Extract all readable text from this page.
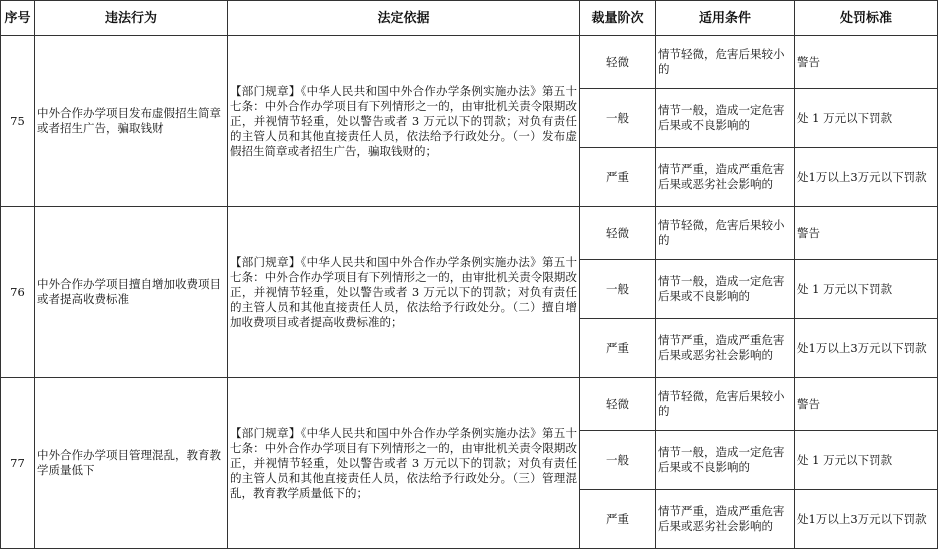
序号	违法行为	法定依据	裁量阶次	适用条件	处罚标准
75	中外合作办学项目发布虚假招生简章或者招生广告，骗取钱财	【部门规章】《中华人民共和国中外合作办学条例实施办法》第五十七条：中外合作办学项目有下列情形之一的，由审批机关责令限期改正，并视情节轻重，处以警告或者 3 万元以下的罚款；对负有责任的主管人员和其他直接责任人员，依法给予行政处分。（一）发布虚假招生简章或者招生广告，骗取钱财的；	轻微	情节轻微，危害后果较小的	警告
			一般	情节一般，造成一定危害后果或不良影响的	处 1 万元以下罚款
			严重	情节严重，造成严重危害后果或恶劣社会影响的	处1万以上3万元以下罚款
76	中外合作办学项目擅自增加收费项目或者提高收费标准	【部门规章】《中华人民共和国中外合作办学条例实施办法》第五十七条：中外合作办学项目有下列情形之一的，由审批机关责令限期改正，并视情节轻重，处以警告或者 3 万元以下的罚款；对负有责任的主管人员和其他直接责任人员，依法给予行政处分。（二）擅自增加收费项目或者提高收费标准的；	轻微	情节轻微，危害后果较小的	警告
			一般	情节一般，造成一定危害后果或不良影响的	处 1 万元以下罚款
			严重	情节严重，造成严重危害后果或恶劣社会影响的	处1万以上3万元以下罚款
77	中外合作办学项目管理混乱，教育教学质量低下	【部门规章】《中华人民共和国中外合作办学条例实施办法》第五十七条：中外合作办学项目有下列情形之一的，由审批机关责令限期改正，并视情节轻重，处以警告或者 3 万元以下的罚款；对负有责任的主管人员和其他直接责任人员，依法给予行政处分。（三）管理混乱，教育教学质量低下的；	轻微	情节轻微，危害后果较小的	警告
			一般	情节一般，造成一定危害后果或不良影响的	处 1 万元以下罚款
			严重	情节严重，造成严重危害后果或恶劣社会影响的	处1万以上3万元以下罚款
